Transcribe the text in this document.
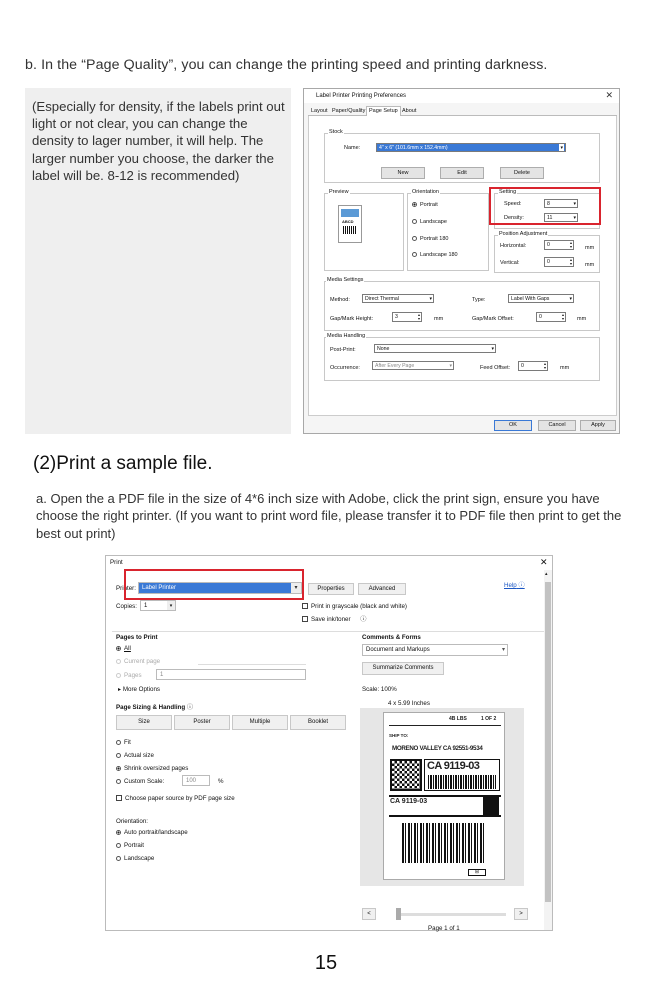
b. In the “Page Quality”, you can change the printing speed and printing darkness.
(Especially for density, if the labels print out light or not clear, you can change the density to lager number, it will help. The larger number you choose, the darker the label will be. 8-12 is recommended)
Label Printer Printing Preferences	✕
Layout Paper/Quality Page Setup About
Stock
Name:	4" x 6" (101.6mm x 152.4mm)	▾
New	Edit	Delete
Preview
ABCD
Orientation
Portrait
Landscape
Portrait 180
Landscape 180
Setting
Speed:	8	▾
Density:	11	▾
Position Adjustment
Horizontal:	0	▴
▾ mm
Vertical:	0	▴
▾ mm
Media Settings
Method:	Direct Thermal	▾	Type:	Label With Gaps	▾
Gap/Mark Height:	3	▴
▾	mm	Gap/Mark Offset:	0	▴
▾ mm
Media Handling
Post-Print:	None	▾
Occurrence:	After Every Page	▾	Feed Offset:	0	▴
▾	mm
OK	Cancel	Apply
(2)Print a sample file.
a. Open the a PDF file in the size of 4*6 inch size with Adobe, click the print sign, ensure you have choose the right printer. (If you want to print word file, please transfer it to PDF file then print to get the best out print)
Print	✕
Printer:	Label Printer	▾	Properties	Advanced	Help ⓘ
Copies:	1	▾	Print in grayscale (black and white)
Save ink/toner ⓘ
Pages to Print
All
Current page
Pages	1
▸ More Options
Page Sizing & Handling ⓘ
Size	Poster	Multiple	Booklet
Fit
Actual size
Shrink oversized pages
Custom Scale:	100	%
Choose paper source by PDF page size
Orientation:
Auto portrait/landscape
Portrait
Landscape
Comments & Forms
Document and Markups	▾
Summarize Comments
Scale: 100%
4 x 5.99 Inches
4B LBS	1 OF 2
SHIP TO:
MORENO VALLEY CA 92551-9534
CA 9119-03
CA 9119-03
⊞
<	>
Page 1 of 1
▴
15
